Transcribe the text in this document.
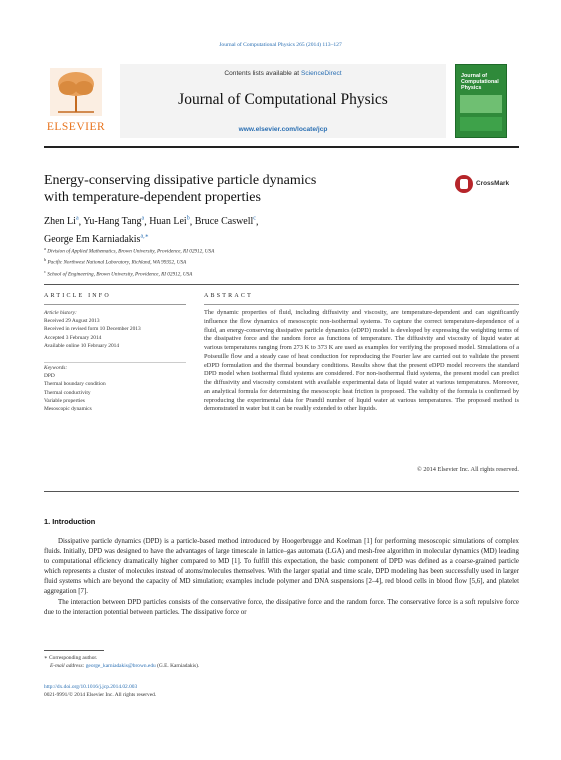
Journal of Computational Physics 265 (2014) 113–127
ELSEVIER
Contents lists available at ScienceDirect
Journal of Computational Physics
www.elsevier.com/locate/jcp
Journal of Computational Physics
Energy-conserving dissipative particle dynamics
with temperature-dependent properties
CrossMark
Zhen Li$^a$, Yu-Hang Tang$^a$, Huan Lei$^b$, Bruce Caswell$^c$,
George Em Karniadakis$^{a,∗}$
$^a$ Division of Applied Mathematics, Brown University, Providence, RI 02912, USA
$^b$ Pacific Northwest National Laboratory, Richland, WA 99352, USA
$^c$ School of Engineering, Brown University, Providence, RI 02912, USA
ARTICLE INFO
Article history:
Received 29 August 2013
Received in revised form 10 December 2013
Accepted 3 February 2014
Available online 10 February 2014
Keywords:
DPD
Thermal boundary condition
Thermal conductivity
Variable properties
Mesoscopic dynamics
ABSTRACT
The dynamic properties of fluid, including diffusivity and viscosity, are temperature-dependent and can significantly influence the flow dynamics of mesoscopic non-isothermal systems. To capture the correct temperature-dependence of a fluid, an energy-conserving dissipative particle dynamics (eDPD) model is developed by expressing the weighting terms of the dissipative force and the random force as functions of temperature. The diffusivity and viscosity of liquid water at various temperatures ranging from 273 K to 373 K are used as examples for verifying the proposed model. Simulations of a Poiseuille flow and a steady case of heat conduction for reproducing the Fourier law are carried out to validate the present eDPD formulation and the thermal boundary conditions. Results show that the present eDPD model recovers the standard DPD model when isothermal fluid systems are considered. For non-isothermal fluid systems, the present model can predict the diffusivity and viscosity consistent with available experimental data of liquid water at various temperatures. Moreover, an analytical formula for determining the mesoscopic heat friction is proposed. The validity of the formula is confirmed by reproducing the experimental data for Prandtl number of liquid water at various temperatures. The proposed method is demonstrated in water but it can be readily extended to other liquids.
© 2014 Elsevier Inc. All rights reserved.
1. Introduction

Dissipative particle dynamics (DPD) is a particle-based method introduced by Hoogerbrugge and Koelman [1] for performing mesoscopic simulations of complex fluids. Initially, DPD was designed to have the advantages of large timescale in lattice–gas automata (LGA) and mesh-free algorithm in molecular dynamics (MD) leading to computational efficiency dramatically higher compared to MD [1]. To fulfill this expectation, the basic component of DPD was defined as a coarse-grained particle which represents a cluster of molecules instead of atoms/molecules themselves. With the larger spatial and time scale, DPD modeling has been successfully used in larger fluid systems which are beyond the capacity of MD simulation; examples include polymer and DNA suspensions [2–4], red blood cells in blood flow [5,6], and platelet aggregation [7].

The interaction between DPD particles consists of the conservative force, the dissipative force and the random force. The conservative force is a soft repulsive force due to the interaction potential between particles. The dissipative force or

∗ Corresponding author.
E-mail address: george_karniadakis@brown.edu (G.E. Karniadakis).
http://dx.doi.org/10.1016/j.jcp.2014.02.003
0021-9991/© 2014 Elsevier Inc. All rights reserved.
